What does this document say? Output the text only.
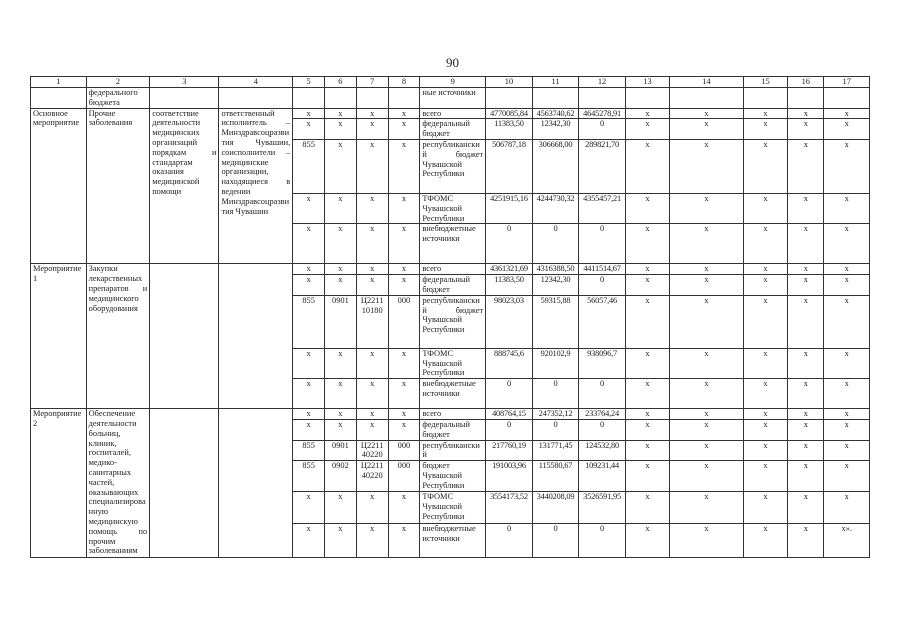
90
1	2	3	4	5	6	7	8	9	10	11	12	13	14	15	16	17
	федерального бюджета							ные источники								
Основное мероприятие	Прочие заболевания	соответствие деятельности медицинских организаций порядкам и стандартам оказания медицинской помощи	ответственный исполнитель – Минздравсоцразвития Чувашии, соисполнители – медицинские организации, находящиеся в ведении Минздравсоцразвития Чувашии	x	x	x	x	всего	4770085,84	4563740,62	4645278,91	x	x	x	x	x
				x	x	x	x	федеральный бюджет	11383,50	12342,30	0	x	x	x	x	x
				855	x	x	x	республиканский бюджет Чувашской Республики	506787,18	306668,00	289821,70	x	x	x	x	x
				x	x	x	x	ТФОМС Чувашской Республики	4251915,16	4244730,32	4355457,21	x	x	x	x	x
				x	x	x	x	внебюджетные источники	0	0	0	x	x	x	x	x
Мероприятие 1	Закупки лекарственных препаратов и медицинского оборудования			x	x	x	x	всего	4361321,69	4316388,50	4411514,67	x	x	x	x	x
				x	x	x	x	федеральный бюджет	11383,50	12342,30	0	x	x	x	x	x
				855	0901	Ц2211 10180	000	республиканский бюджет Чувашской Республики	98023,03	59315,88	56057,46	x	x	x	x	x
				x	x	x	x	ТФОМС Чувашской Республики	888745,6	920102,9	938096,7	x	x	x	x	x
				x	x	x	x	внебюджетные источники	0	0	0	x	x	x	x	x
Мероприятие 2	Обеспечение деятельности больниц, клиник, госпиталей, медико-санитарных частей, оказывающих специализированную медицинскую помощь по прочим заболеваниям			x	x	x	x	всего	408764,15	247352,12	233764,24	x	x	x	x	x
				x	x	x	x	федеральный бюджет	0	0	0	x	x	x	x	x
				855	0901	Ц2211 40220	000	республиканский	217760,19	131771,45	124532,80	x	x	x	x	x
				855	0902	Ц2211 40220	000	бюджет Чувашской Республики	191003,96	115580,67	109231,44	x	x	x	x	x
				x	x	x	x	ТФОМС Чувашской Республики	3554173,52	3440208,09	3526591,95	x	x	x	x	x
				x	x	x	x	внебюджетные источники	0	0	0	x	x	x	x	x».
